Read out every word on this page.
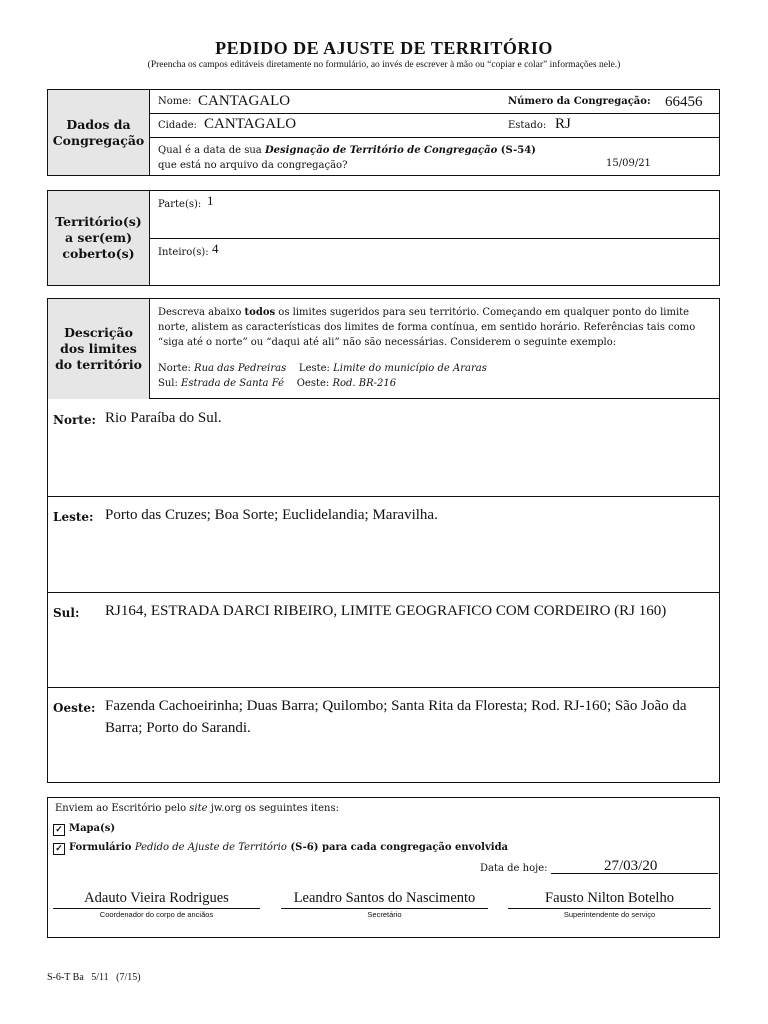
PEDIDO DE AJUSTE DE TERRITÓRIO
(Preencha os campos editáveis diretamente no formulário, ao invés de escrever à mão ou “copiar e colar” informações nele.)
Dados da Congregação
Nome: CANTAGALO	Número da Congregação: 66456
Cidade: CANTAGALO	Estado: RJ
Qual é a data de sua Designação de Território de Congregação (S-54)
que está no arquivo da congregação?	15/09/21
Território(s) a ser(em) coberto(s)
Parte(s): 1
Inteiro(s): 4
Descrição dos limites do território
Descreva abaixo todos os limites sugeridos para seu território. Começando em qualquer ponto do limite norte, alistem as características dos limites de forma contínua, em sentido horário. Referências tais como “siga até o norte” ou “daqui até ali” não são necessárias. Considerem o seguinte exemplo:
Norte: Rua das Pedreiras Leste: Limite do município de Araras
Sul: Estrada de Santa Fé Oeste: Rod. BR-216
Norte: Rio Paraíba do Sul.
Leste: Porto das Cruzes; Boa Sorte; Euclidelandia; Maravilha.
Sul: RJ164, ESTRADA DARCI RIBEIRO, LIMITE GEOGRAFICO COM CORDEIRO (RJ 160)
Oeste: Fazenda Cachoeirinha; Duas Barra; Quilombo; Santa Rita da Floresta; Rod. RJ-160; São João da Barra; Porto do Sarandi.
Enviem ao Escritório pelo site jw.org os seguintes itens:
✓ Mapa(s)
✓ Formulário Pedido de Ajuste de Território (S-6) para cada congregação envolvida
Data de hoje:	27/03/20
Adauto Vieira Rodrigues
Coordenador do corpo de anciãos
Leandro Santos do Nascimento
Secretário
Fausto Nilton Botelho
Superintendente do serviço
S-6-T Ba   5/11   (7/15)
